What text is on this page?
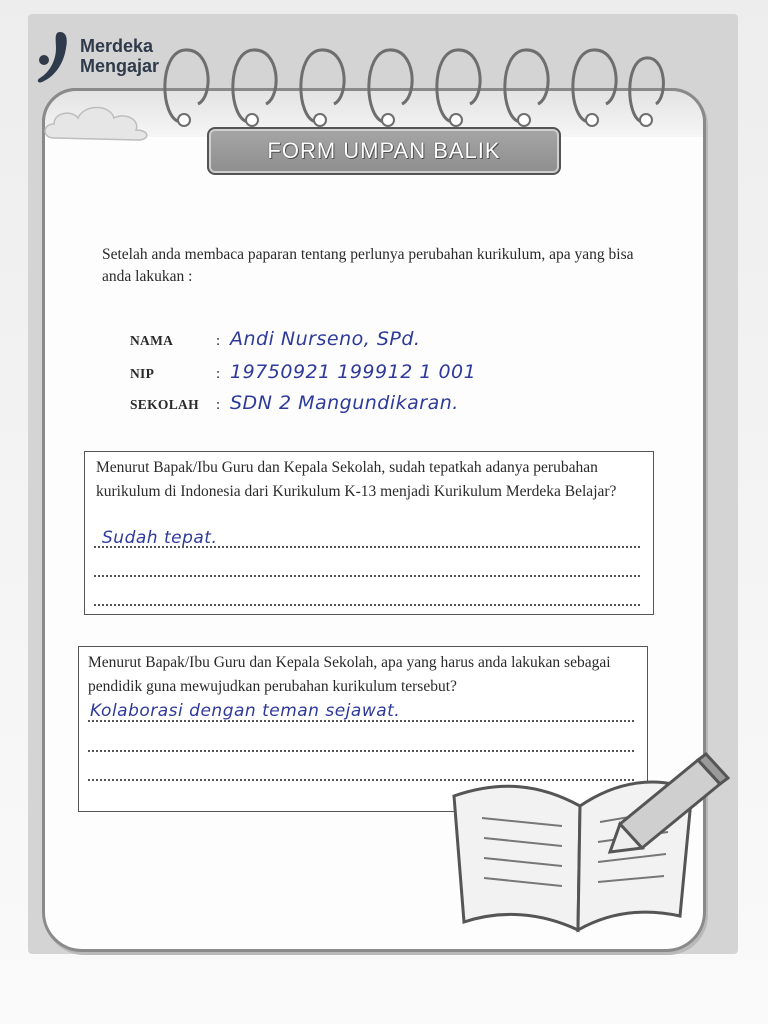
Merdeka
Mengajar
FORM UMPAN BALIK
Setelah anda membaca paparan tentang perlunya perubahan kurikulum, apa yang bisa anda lakukan :
NAMA	: Andi Nurseno, SPd.
NIP	: 19750921 199912 1 001
SEKOLAH	: SDN 2 Mangundikaran.
Menurut Bapak/Ibu Guru dan Kepala Sekolah, sudah tepatkah adanya perubahan kurikulum di Indonesia dari Kurikulum K-13 menjadi Kurikulum Merdeka Belajar?
Sudah tepat.
Menurut Bapak/Ibu Guru dan Kepala Sekolah, apa yang harus anda lakukan sebagai pendidik guna mewujudkan perubahan kurikulum tersebut?
Kolaborasi dengan teman sejawat.
